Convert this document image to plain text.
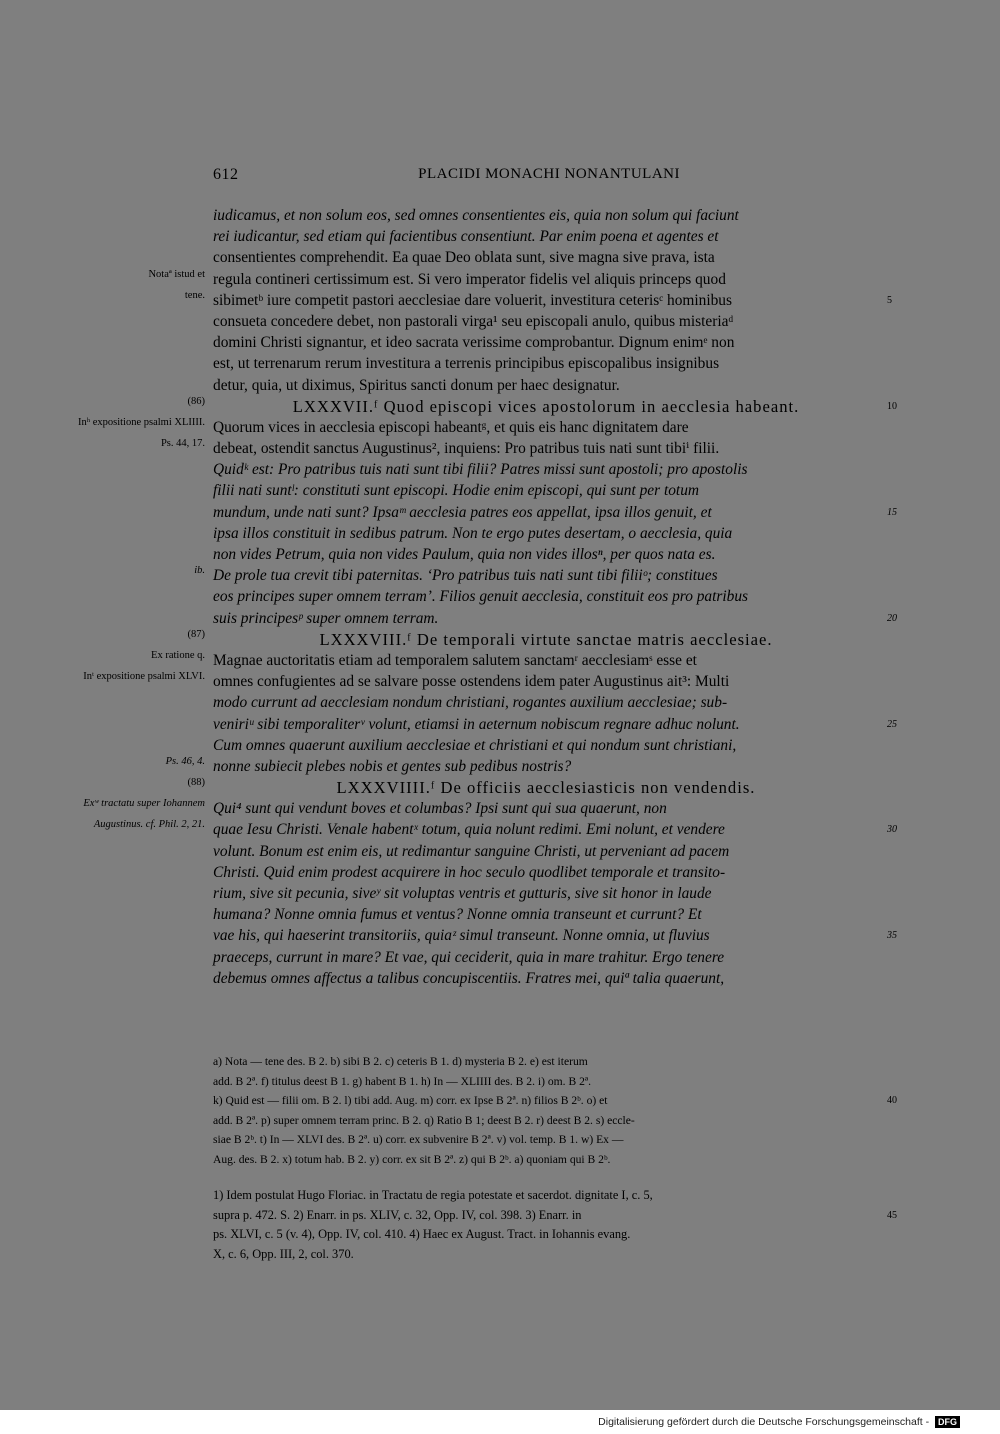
612	PLACIDI MONACHI NONANTULANI
iudicamus, et non solum eos, sed omnes consentientes eis, quia non solum qui faciunt
rei iudicantur, sed etiam qui facientibus consentiunt. Par enim poena et agentes et
consentientes comprehendit. Ea quae Deo oblata sunt, sive magna sive prava, ista
regula contineri certissimum est. Si vero imperator fidelis vel aliquis princeps quod
Notaª istud et
sibimetᵇ iure competit pastori aecclesiae dare voluerit, investitura ceterisᶜ hominibus
tene.	5
consueta concedere debet, non pastorali virga¹ seu episcopali anulo, quibus misteriaᵈ
domini Christi signantur, et ideo sacrata verissime comprobantur. Dignum enimᵉ non
est, ut terrenarum rerum investitura a terrenis principibus episcopalibus insignibus
detur, quia, ut diximus, Spiritus sancti donum per haec designatur.
LXXXVII.ᶠ Quod episcopi vices apostolorum in aecclesia habeant.
(86)	10
Quorum vices in aecclesia episcopi habeantᵍ, et quis eis hanc dignitatem dare
Inʰ expositione psalmi XLIIII.
debeat, ostendit sanctus Augustinus², inquiens: Pro patribus tuis nati sunt tibiⁱ filii.
Ps. 44, 17.
Quidᵏ est: Pro patribus tuis nati sunt tibi filii? Patres missi sunt apostoli; pro apostolis
filii nati suntˡ: constituti sunt episcopi. Hodie enim episcopi, qui sunt per totum
mundum, unde nati sunt? Ipsaᵐ aecclesia patres eos appellat, ipsa illos genuit, et	15
ipsa illos constituit in sedibus patrum. Non te ergo putes desertam, o aecclesia, quia
non vides Petrum, quia non vides Paulum, quia non vides illosⁿ, per quos nata es.
De prole tua crevit tibi paternitas. ‘Pro patribus tuis nati sunt tibi filiiᵒ; constitues
ib.
eos principes super omnem terram’. Filios genuit aecclesia, constituit eos pro patribus
suis principesᵖ super omnem terram.	20
LXXXVIII.ᶠ De temporali virtute sanctae matris aecclesiae.
(87)
Magnae auctoritatis etiam ad temporalem salutem sanctamʳ aecclesiamˢ esse et
Ex ratione q.
omnes confugientes ad se salvare posse ostendens idem pater Augustinus ait³: Multi
Inᵗ expositione psalmi XLVI.
modo currunt ad aecclesiam nondum christiani, rogantes auxilium aecclesiae; sub-
veniriᵘ sibi temporaliterᵛ volunt, etiamsi in aeternum nobiscum regnare adhuc nolunt.	25
Cum omnes quaerunt auxilium aecclesiae et christiani et qui nondum sunt christiani,
nonne subiecit plebes nobis et gentes sub pedibus nostris?
Ps. 46, 4.
LXXXVIIII.ᶠ De officiis aecclesiasticis non vendendis.
(88)
Qui⁴ sunt qui vendunt boves et columbas? Ipsi sunt qui sua quaerunt, non
Exʷ tractatu super Iohannem
quae Iesu Christi. Venale habentˣ totum, quia nolunt redimi. Emi nolunt, et vendere
Augustinus. cf. Phil. 2, 21.	30
volunt. Bonum est enim eis, ut redimantur sanguine Christi, ut perveniant ad pacem
Christi. Quid enim prodest acquirere in hoc seculo quodlibet temporale et transito-
rium, sive sit pecunia, siveʸ sit voluptas ventris et gutturis, sive sit honor in laude
humana? Nonne omnia fumus et ventus? Nonne omnia transeunt et currunt? Et
vae his, qui haeserint transitoriis, quiaᶻ simul transeunt. Nonne omnia, ut fluvius	35
praeceps, currunt in mare? Et vae, qui ceciderit, quia in mare trahitur. Ergo tenere
debemus omnes affectus a talibus concupiscentiis. Fratres mei, quiª talia quaerunt,
a) Nota — tene des. B 2. b) sibi B 2. c) ceteris B 1. d) mysteria B 2. e) est iterum
add. B 2ª. f) titulus deest B 1. g) habent B 1. h) In — XLIIII des. B 2. i) om. B 2ª.
k) Quid est — filii om. B 2. l) tibi add. Aug. m) corr. ex Ipse B 2ª. n) filios B 2ᵇ. o) et	40
add. B 2ª. p) super omnem terram princ. B 2. q) Ratio B 1; deest B 2. r) deest B 2. s) eccle-
siae B 2ᵇ. t) In — XLVI des. B 2ª. u) corr. ex subvenire B 2ª. v) vol. temp. B 1. w) Ex —
Aug. des. B 2. x) totum hab. B 2. y) corr. ex sit B 2ª. z) qui B 2ᵇ. a) quoniam qui B 2ᵇ.
1) Idem postulat Hugo Floriac. in Tractatu de regia potestate et sacerdot. dignitate I, c. 5,
supra p. 472. S. 2) Enarr. in ps. XLIV, c. 32, Opp. IV, col. 398. 3) Enarr. in	45
ps. XLVI, c. 5 (v. 4), Opp. IV, col. 410. 4) Haec ex August. Tract. in Iohannis evang.
X, c. 6, Opp. III, 2, col. 370.
Digitalisierung gefördert durch die Deutsche Forschungsgemeinschaft - DFG
